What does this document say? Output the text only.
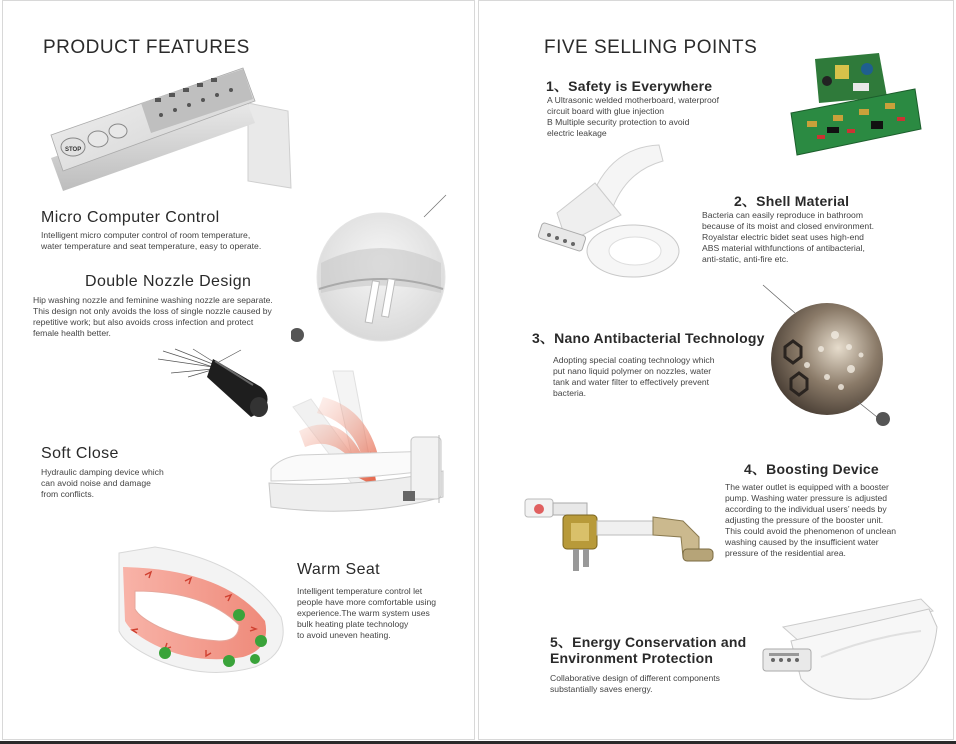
PRODUCT FEATURES
STOP
Micro Computer Control
Intelligent micro computer control of room temperature,
water temperature and seat temperature, easy to operate.
Double Nozzle Design
Hip washing nozzle and feminine washing nozzle are separate.
This design not only avoids the loss of single nozzle caused by
repetitive work; but also avoids cross infection and protect
female health better.
Soft Close
Hydraulic damping device which
can avoid noise and damage
from conflicts.
Warm Seat
Intelligent temperature control let
people have more comfortable using
experience.The warm system uses
bulk heating plate technology
to avoid uneven heating.
FIVE SELLING POINTS
1、Safety is Everywhere
A Ultrasonic welded motherboard, waterproof
circuit board with glue injection
B Multiple security protection to avoid
electric leakage
2、Shell Material
Bacteria can easily reproduce in bathroom
because of its moist and closed environment.
Royalstar electric bidet seat uses high-end
ABS material withfunctions of antibacterial,
anti-static, anti-fire etc.
3、Nano Antibacterial Technology
Adopting special coating technology which
put nano liquid polymer on nozzles, water
tank and water filter to effectively prevent
bacteria.
4、Boosting Device
The water outlet is equipped with a booster
pump. Washing water pressure is adjusted
according to the individual users’ needs by
adjusting the pressure of the booster unit.
This could avoid the phenomenon of unclean
washing caused by the insufficient water
pressure of the residential area.
5、Energy Conservation and
Environment Protection
Collaborative design of different components
substantially saves energy.
